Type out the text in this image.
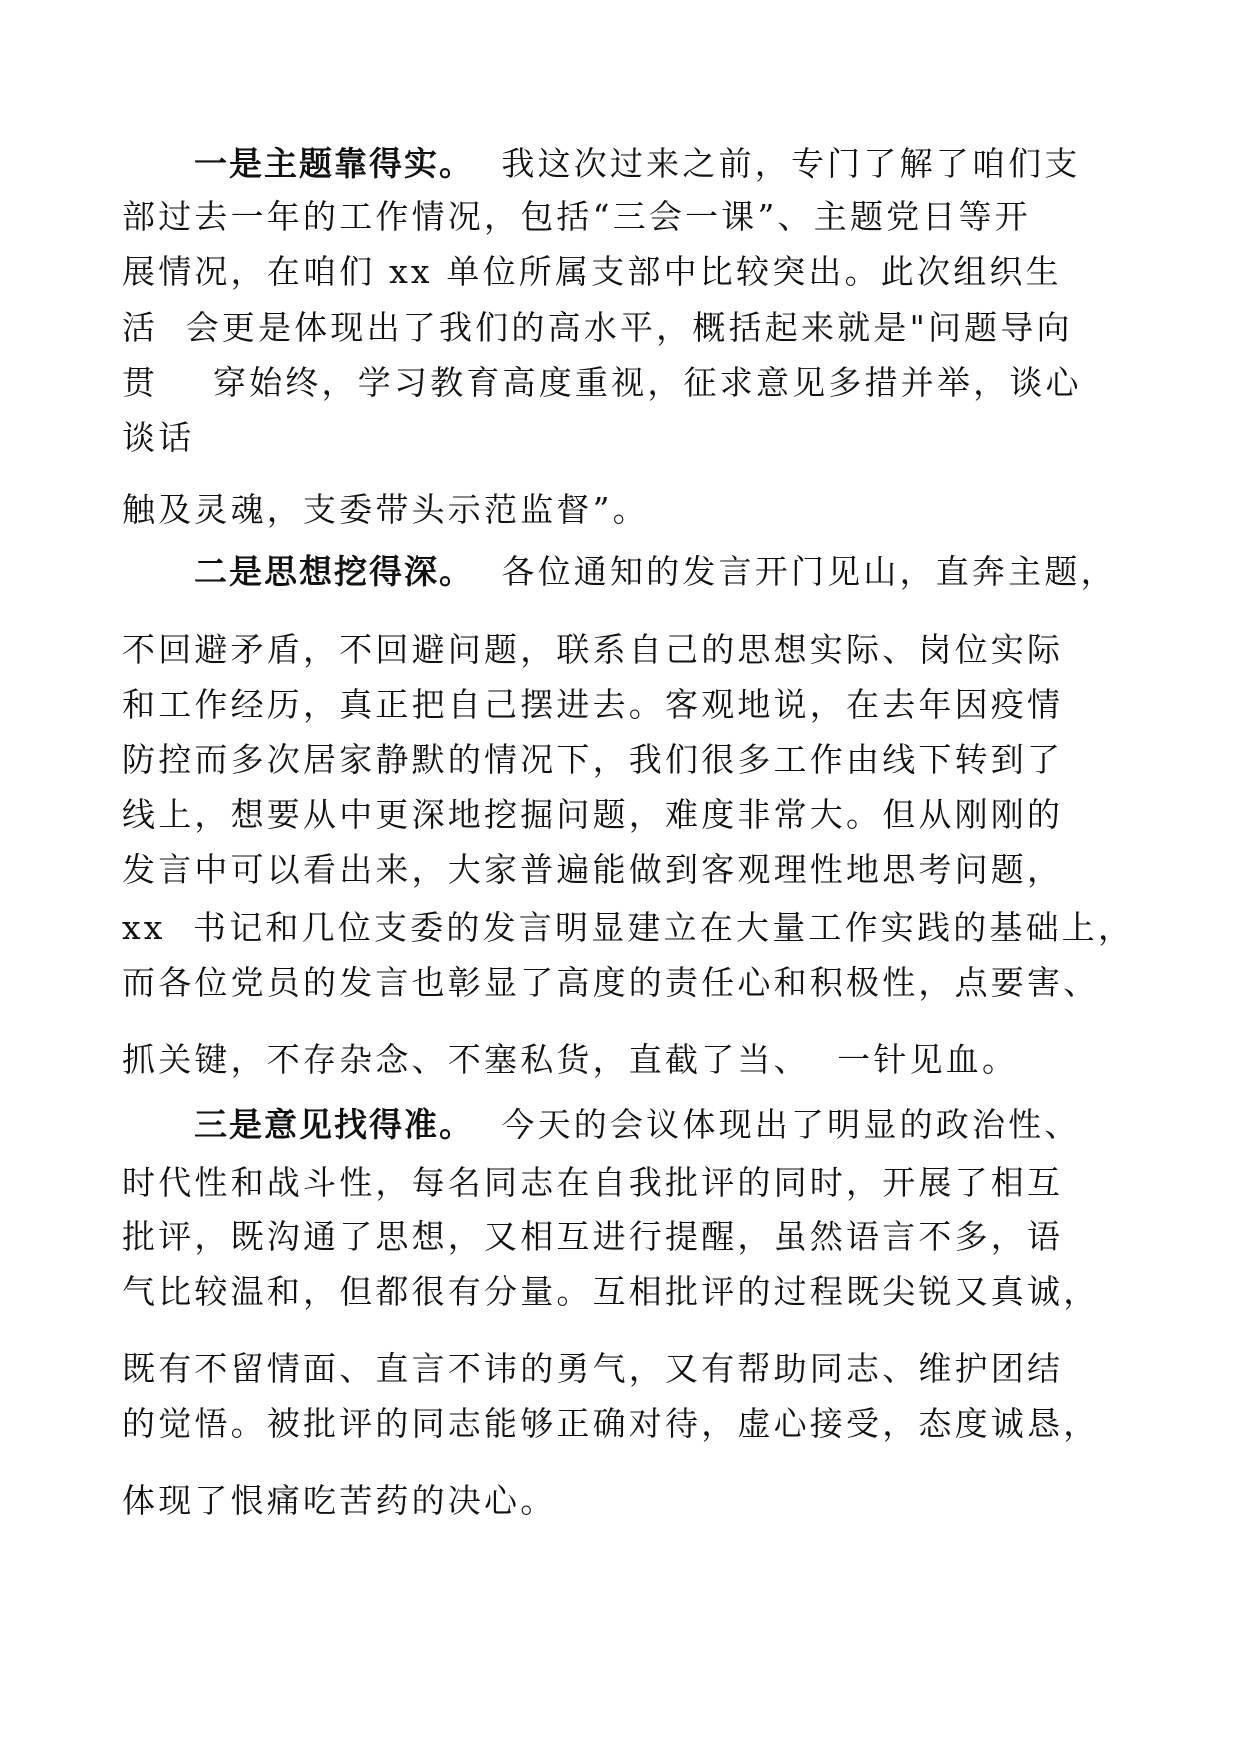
一是主题靠得实。  我这次过来之前，专门了解了咱们支

部过去一年的工作情况，包括“三会一课”、主题党日等开

展情况，在咱们 xx 单位所属支部中比较突出。此次组织生

活  会更是体现出了我们的高水平，概括起来就是"问题导向

贯    穿始终，学习教育高度重视，征求意见多措并举，谈心

谈话

触及灵魂，支委带头示范监督”。

二是思想挖得深。  各位通知的发言开门见山，直奔主题，

不回避矛盾，不回避问题，联系自己的思想实际、岗位实际

和工作经历，真正把自己摆进去。客观地说，在去年因疫情

防控而多次居家静默的情况下，我们很多工作由线下转到了

线上，想要从中更深地挖掘问题，难度非常大。但从刚刚的

发言中可以看出来，大家普遍能做到客观理性地思考问题，

xx  书记和几位支委的发言明显建立在大量工作实践的基础上，

而各位党员的发言也彰显了高度的责任心和积极性，点要害、

抓关键，不存杂念、不塞私货，直截了当、  一针见血。

三是意见找得准。  今天的会议体现出了明显的政治性、

时代性和战斗性，每名同志在自我批评的同时，开展了相互

批评，既沟通了思想，又相互进行提醒，虽然语言不多，语

气比较温和，但都很有分量。互相批评的过程既尖锐又真诚，

既有不留情面、直言不讳的勇气，又有帮助同志、维护团结

的觉悟。被批评的同志能够正确对待，虚心接受，态度诚恳，

体现了恨痛吃苦药的决心。
